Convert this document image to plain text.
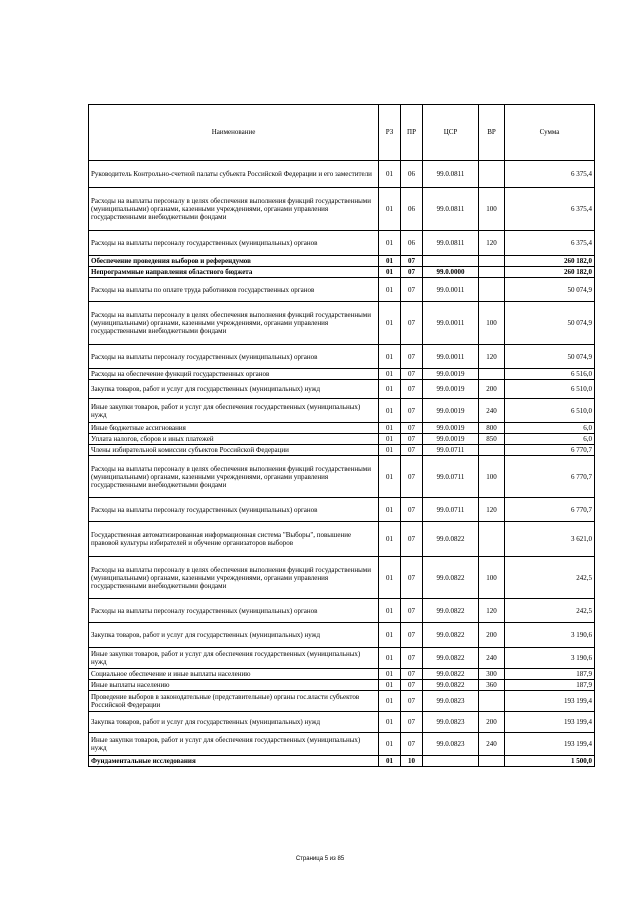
Наименование	РЗ	ПР	ЦСР	ВР	Сумма
Руководитель Контрольно-счетной палаты субъекта Российской Федерации и его заместители	01	06	99.0.0811		6 375,4
Расходы на выплаты персоналу в целях обеспечения выполнения функций государственными (муниципальными) органами, казенными учреждениями, органами управления государственными внебюджетными фондами	01	06	99.0.0811	100	6 375,4
Расходы на выплаты персоналу государственных (муниципальных) органов	01	06	99.0.0811	120	6 375,4
Обеспечение проведения выборов и референдумов	01	07			260 182,0
Непрограммные направления областного бюджета	01	07	99.0.0000		260 182,0
Расходы на выплаты по оплате труда работников государственных органов	01	07	99.0.0011		50 074,9
Расходы на выплаты персоналу в целях обеспечения выполнения функций государственными (муниципальными) органами, казенными учреждениями, органами управления государственными внебюджетными фондами	01	07	99.0.0011	100	50 074,9
Расходы на выплаты персоналу государственных (муниципальных) органов	01	07	99.0.0011	120	50 074,9
Расходы на обеспечение функций государственных органов	01	07	99.0.0019		6 516,0
Закупка товаров, работ и услуг для государственных (муниципальных) нужд	01	07	99.0.0019	200	6 510,0
Иные закупки товаров, работ и услуг для обеспечения государственных (муниципальных) нужд	01	07	99.0.0019	240	6 510,0
Иные бюджетные ассигнования	01	07	99.0.0019	800	6,0
Уплата налогов, сборов и иных платежей	01	07	99.0.0019	850	6,0
Члены избирательной комиссии субъектов Российской Федерации	01	07	99.0.0711		6 770,7
Расходы на выплаты персоналу в целях обеспечения выполнения функций государственными (муниципальными) органами, казенными учреждениями, органами управления государственными внебюджетными фондами	01	07	99.0.0711	100	6 770,7
Расходы на выплаты персоналу государственных (муниципальных) органов	01	07	99.0.0711	120	6 770,7
Государственная автоматизированная информационная система "Выборы", повышение правовой культуры избирателей и обучение организаторов выборов	01	07	99.0.0822		3 621,0
Расходы на выплаты персоналу в целях обеспечения выполнения функций государственными (муниципальными) органами, казенными учреждениями, органами управления государственными внебюджетными фондами	01	07	99.0.0822	100	242,5
Расходы на выплаты персоналу государственных (муниципальных) органов	01	07	99.0.0822	120	242,5
Закупка товаров, работ и услуг для государственных (муниципальных) нужд	01	07	99.0.0822	200	3 190,6
Иные закупки товаров, работ и услуг для обеспечения государственных (муниципальных) нужд	01	07	99.0.0822	240	3 190,6
Социальное обеспечение и иные выплаты населению	01	07	99.0.0822	300	187,9
Иные выплаты населению	01	07	99.0.0822	360	187,9
Проведение выборов в законодательные (представительные) органы гос.власти субъектов Российской Федерации	01	07	99.0.0823		193 199,4
Закупка товаров, работ и услуг для государственных (муниципальных) нужд	01	07	99.0.0823	200	193 199,4
Иные закупки товаров, работ и услуг для обеспечения государственных (муниципальных) нужд	01	07	99.0.0823	240	193 199,4
Фундаментальные исследования	01	10			1 500,0
Страница 5 из 85
